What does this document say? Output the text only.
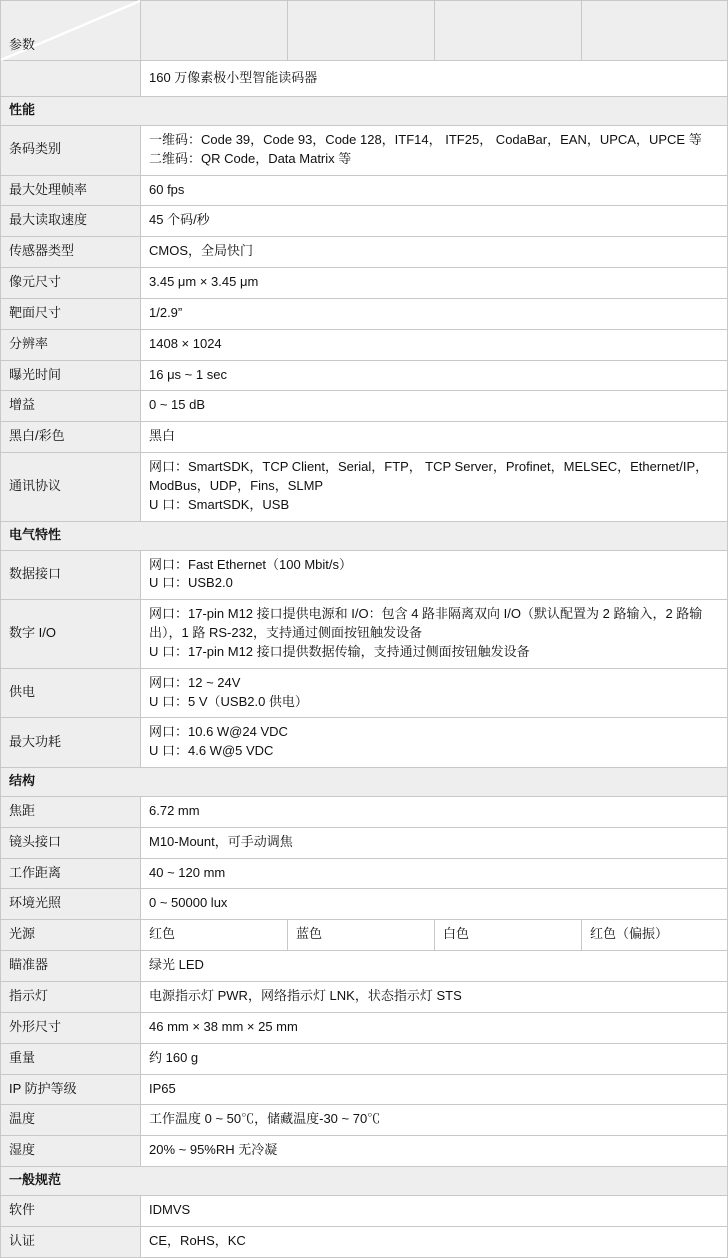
参数				

	160 万像素极小型智能读码器			
性能				
条码类别	一维码：Code 39，Code 93，Code 128，ITF14， ITF25， CodaBar，EAN，UPCA，UPCE 等
二维码：QR Code，Data Matrix 等			

最大处理帧率	60 fps			
最大读取速度	45 个码/秒			
传感器类型	CMOS，全局快门			
像元尺寸	3.45 μm × 3.45 μm			
靶面尺寸	1/2.9”			
分辨率	1408 × 1024			
曝光时间	16 μs ~ 1 sec			
增益	0 ~ 15 dB			
黑白/彩色	黑白			
通讯协议	网口：SmartSDK，TCP Client，Serial，FTP， TCP Server，Profinet，MELSEC，Ethernet/IP，ModBus，UDP，Fins，SLMP
U 口：SmartSDK，USB			

电气特性				
数据接口	网口：Fast Ethernet（100 Mbit/s）
U 口：USB2.0			

数字 I/O	网口：17-pin M12 接口提供电源和 I/O：包含 4 路非隔离双向 I/O（默认配置为 2 路输入，2 路输出），1 路 RS-232，支持通过侧面按钮触发设备
U 口：17-pin M12 接口提供数据传输，支持通过侧面按钮触发设备			

供电	网口：12 ~ 24V
U 口：5 V（USB2.0 供电）			

最大功耗	网口：10.6 W@24 VDC
U 口：4.6 W@5 VDC			

结构				
焦距	6.72 mm			
镜头接口	M10-Mount，可手动调焦			
工作距离	40 ~ 120 mm			
环境光照	0 ~ 50000 lux			
光源	红色	蓝色	白色	红色（偏振）
瞄准器	绿光 LED			
指示灯	电源指示灯 PWR，网络指示灯 LNK，状态指示灯 STS			
外形尺寸	46 mm × 38 mm × 25 mm			
重量	约 160 g			
IP 防护等级	IP65			
温度	工作温度 0 ~ 50℃，储藏温度-30 ~ 70℃			
湿度	20% ~ 95%RH 无冷凝			
一般规范				
软件	IDMVS			
认证	CE，RoHS，KC			
